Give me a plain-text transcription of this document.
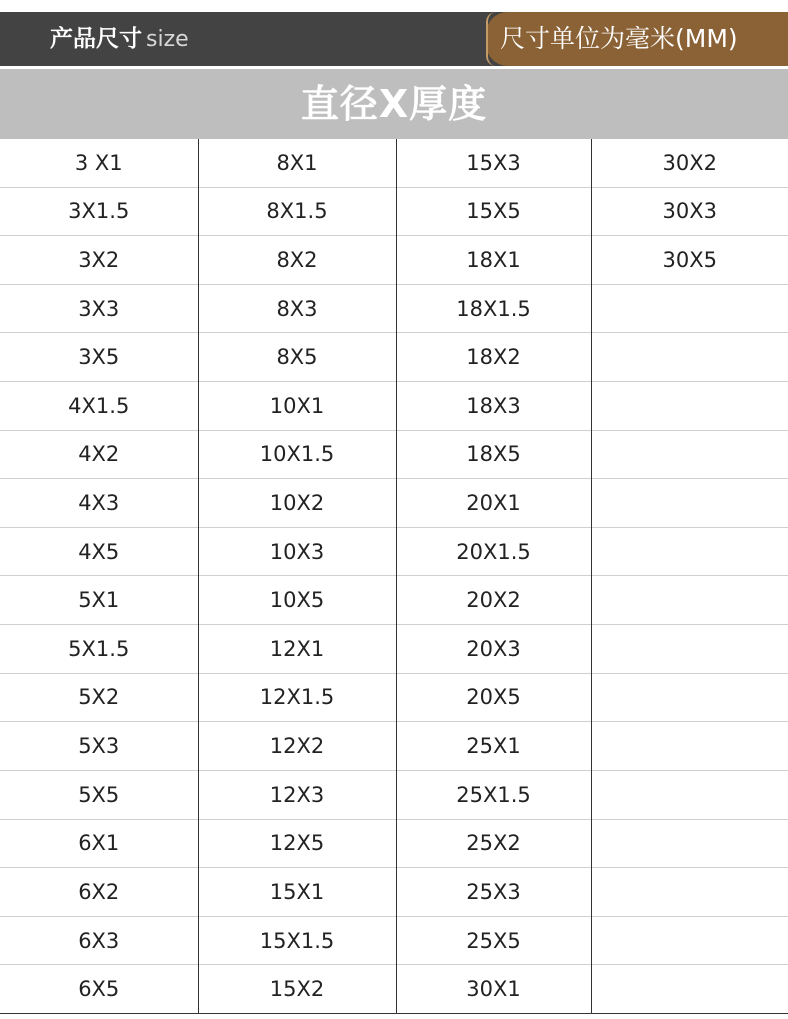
产品尺寸 size	尺寸单位为毫米(MM)
直径X厚度
3 X1	8X1	15X3	30X2
3X1.5	8X1.5	15X5	30X3
3X2	8X2	18X1	30X5
3X3	8X3	18X1.5	
3X5	8X5	18X2	
4X1.5	10X1	18X3	
4X2	10X1.5	18X5	
4X3	10X2	20X1	
4X5	10X3	20X1.5	
5X1	10X5	20X2	
5X1.5	12X1	20X3	
5X2	12X1.5	20X5	
5X3	12X2	25X1	
5X5	12X3	25X1.5	
6X1	12X5	25X2	
6X2	15X1	25X3	
6X3	15X1.5	25X5	
6X5	15X2	30X1	
